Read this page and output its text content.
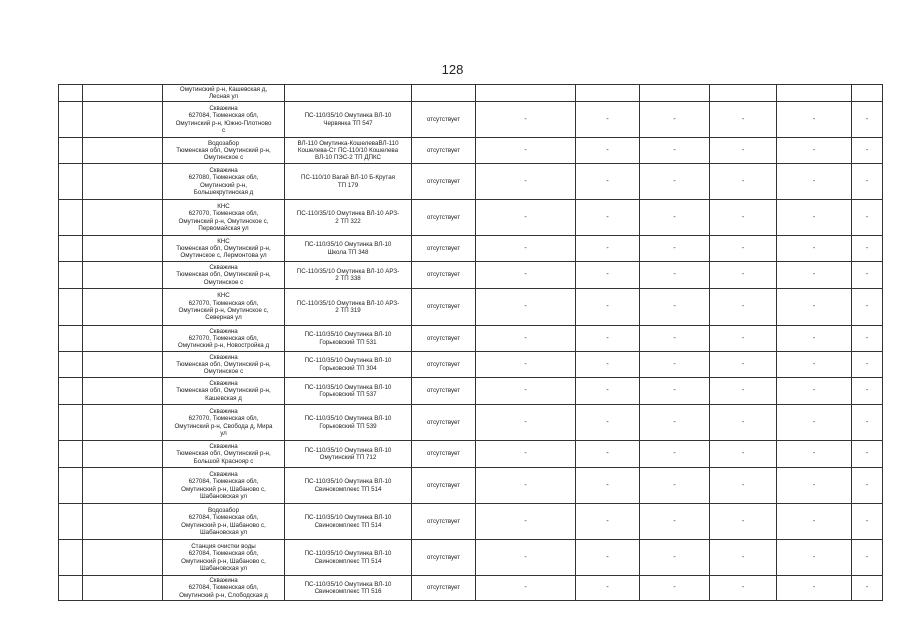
128
		Омутинский р-н, Кашевская д,
Лесная ул								
		Скважина
627084, Тюменская обл,
Омутинский р-н, Южно-Плотново
с	ПС-110/35/10 Омутинка ВЛ-10
Червянка ТП 547	отсутствует	-	-	-	-	-	-
		Водозабор
Тюменская обл, Омутинский р-н,
Омутинское с	ВЛ-110 Омутинка-КошелеваВЛ-110
Кошелева-Ст ПС-110/10 Кошелева
ВЛ-10 ПЭС-2 ТП ДПКС	отсутствует	-	-	-	-	-	-
		Скважина
627080, Тюменская обл,
Омутинский р-н,
Большекрутинская д	ПС-110/10 Вагай ВЛ-10 Б-Крутая
ТП 179	отсутствует	-	-	-	-	-	-
		КНС
627070, Тюменская обл,
Омутинский р-н, Омутинское с,
Первомайская ул	ПС-110/35/10 Омутинка ВЛ-10 АРЗ-
2 ТП 322	отсутствует	-	-	-	-	-	-
		КНС
Тюменская обл, Омутинский р-н,
Омутинское с, Лермонтова ул	ПС-110/35/10 Омутинка ВЛ-10
Школа ТП 348	отсутствует	-	-	-	-	-	-
		Скважина
Тюменская обл, Омутинский р-н,
Омутинское с	ПС-110/35/10 Омутинка ВЛ-10 АРЗ-
2 ТП 338	отсутствует	-	-	-	-	-	-
		КНС
627070, Тюменская обл,
Омутинский р-н, Омутинское с,
Северная ул	ПС-110/35/10 Омутинка ВЛ-10 АРЗ-
2 ТП 319	отсутствует	-	-	-	-	-	-
		Скважина
627070, Тюменская обл,
Омутинский р-н, Новостройка д	ПС-110/35/10 Омутинка ВЛ-10
Горьковский ТП 531	отсутствует	-	-	-	-	-	-
		Скважина
Тюменская обл, Омутинский р-н,
Омутинское с	ПС-110/35/10 Омутинка ВЛ-10
Горьковский ТП 304	отсутствует	-	-	-	-	-	-
		Скважина
Тюменская обл, Омутинский р-н,
Кашевская д	ПС-110/35/10 Омутинка ВЛ-10
Горьковский ТП 537	отсутствует	-	-	-	-	-	-
		Скважина
627070, Тюменская обл,
Омутинский р-н, Свобода д, Мира
ул	ПС-110/35/10 Омутинка ВЛ-10
Горьковский ТП 539	отсутствует	-	-	-	-	-	-
		Скважина
Тюменская обл, Омутинский р-н,
Большой Краснояр с	ПС-110/35/10 Омутинка ВЛ-10
Омутинский ТП 712	отсутствует	-	-	-	-	-	-
		Скважина
627084, Тюменская обл,
Омутинский р-н, Шабаново с,
Шабановская ул	ПС-110/35/10 Омутинка ВЛ-10
Свинокомплекс ТП 514	отсутствует	-	-	-	-	-	-
		Водозабор
627084, Тюменская обл,
Омутинский р-н, Шабаново с,
Шабановская ул	ПС-110/35/10 Омутинка ВЛ-10
Свинокомплекс ТП 514	отсутствует	-	-	-	-	-	-
		Станция очистки воды
627084, Тюменская обл,
Омутинский р-н, Шабаново с,
Шабановская ул	ПС-110/35/10 Омутинка ВЛ-10
Свинокомплекс ТП 514	отсутствует	-	-	-	-	-	-
		Скважина
627084, Тюменская обл,
Омутинский р-н, Слободская д	ПС-110/35/10 Омутинка ВЛ-10
Свинокомплекс ТП 516	отсутствует	-	-	-	-	-	-
